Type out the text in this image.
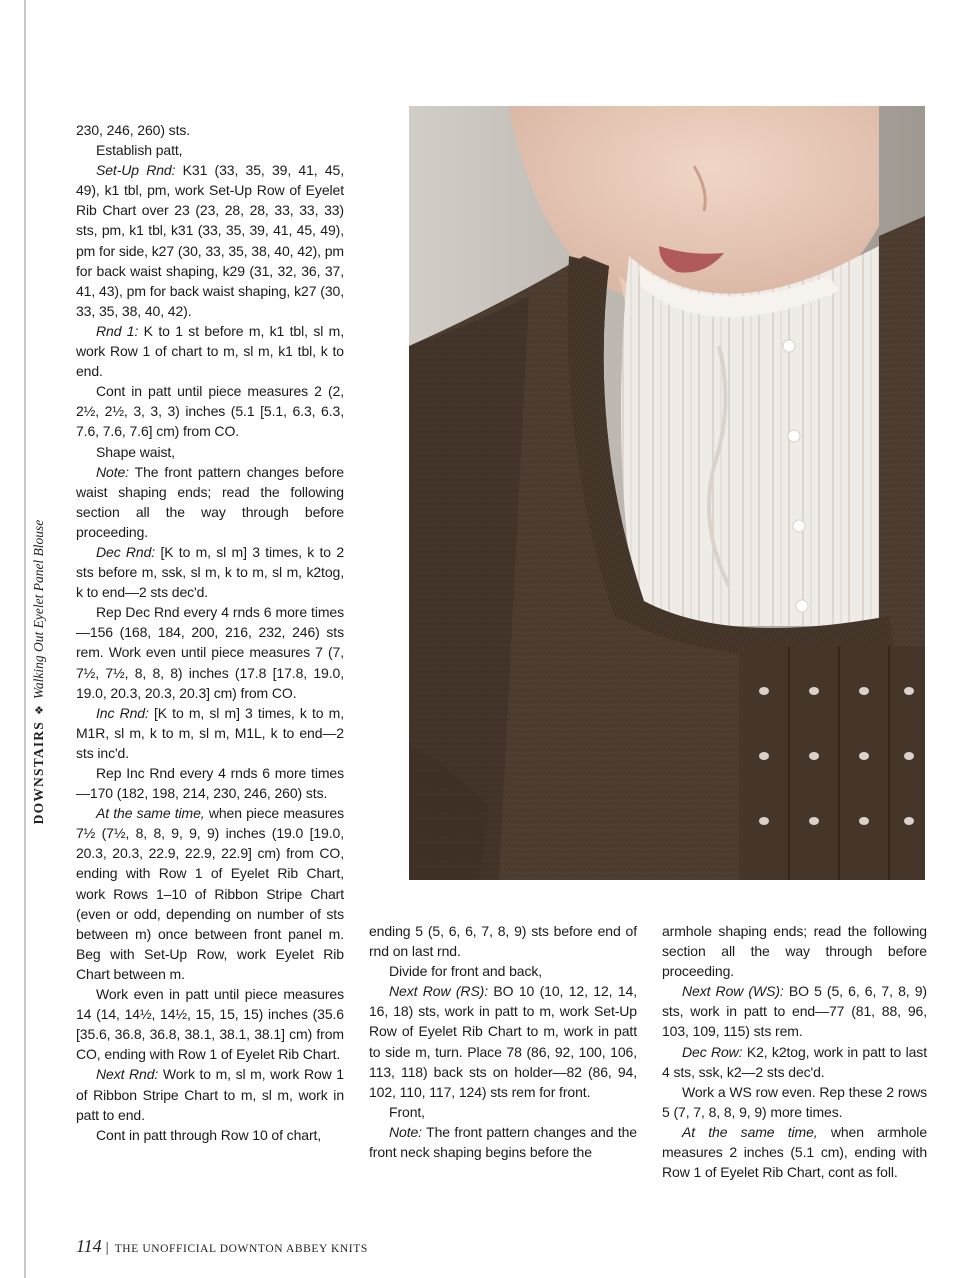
DOWNSTAIRS❖Walking Out Eyelet Panel Blouse

230, 246, 260) sts.

Establish patt,

Set-Up Rnd: K31 (33, 35, 39, 41, 45, 49), k1 tbl, pm, work Set-Up Row of Eyelet Rib Chart over 23 (23, 28, 28, 33, 33, 33) sts, pm, k1 tbl, k31 (33, 35, 39, 41, 45, 49), pm for side, k27 (30, 33, 35, 38, 40, 42), pm for back waist shaping, k29 (31, 32, 36, 37, 41, 43), pm for back waist shaping, k27 (30, 33, 35, 38, 40, 42).

Rnd 1: K to 1 st before m, k1 tbl, sl m, work Row 1 of chart to m, sl m, k1 tbl, k to end.

Cont in patt until piece measures 2 (2, 2½, 2½, 3, 3, 3) inches (5.1 [5.1, 6.3, 6.3, 7.6, 7.6, 7.6] cm) from CO.

Shape waist,

Note: The front pattern changes before waist shaping ends; read the following section all the way through before proceeding.

Dec Rnd: [K to m, sl m] 3 times, k to 2 sts before m, ssk, sl m, k to m, sl m, k2tog, k to end—2 sts dec'd.

Rep Dec Rnd every 4 rnds 6 more times—156 (168, 184, 200, 216, 232, 246) sts rem. Work even until piece measures 7 (7, 7½, 7½, 8, 8, 8) inches (17.8 [17.8, 19.0, 19.0, 20.3, 20.3, 20.3] cm) from CO.

Inc Rnd: [K to m, sl m] 3 times, k to m, M1R, sl m, k to m, sl m, M1L, k to end—2 sts inc'd.

Rep Inc Rnd every 4 rnds 6 more times—170 (182, 198, 214, 230, 246, 260) sts.

At the same time, when piece measures 7½ (7½, 8, 8, 9, 9, 9) inches (19.0 [19.0, 20.3, 20.3, 22.9, 22.9, 22.9] cm) from CO, ending with Row 1 of Eyelet Rib Chart, work Rows 1–10 of Ribbon Stripe Chart (even or odd, depending on number of sts between m) once between front panel m. Beg with Set-Up Row, work Eyelet Rib Chart between m.

Work even in patt until piece measures 14 (14, 14½, 14½, 15, 15, 15) inches (35.6 [35.6, 36.8, 36.8, 38.1, 38.1, 38.1] cm) from CO, ending with Row 1 of Eyelet Rib Chart.

Next Rnd: Work to m, sl m, work Row 1 of Ribbon Stripe Chart to m, sl m, work in patt to end.

Cont in patt through Row 10 of chart,

ending 5 (5, 6, 6, 7, 8, 9) sts before end of rnd on last rnd.

Divide for front and back,

Next Row (RS): BO 10 (10, 12, 12, 14, 16, 18) sts, work in patt to m, work Set-Up Row of Eyelet Rib Chart to m, work in patt to side m, turn. Place 78 (86, 92, 100, 106, 113, 118) back sts on holder—82 (86, 94, 102, 110, 117, 124) sts rem for front.

Front,

Note: The front pattern changes and the front neck shaping begins before the

armhole shaping ends; read the following section all the way through before proceeding.

Next Row (WS): BO 5 (5, 6, 6, 7, 8, 9) sts, work in patt to end—77 (81, 88, 96, 103, 109, 115) sts rem.

Dec Row: K2, k2tog, work in patt to last 4 sts, ssk, k2—2 sts dec'd.

Work a WS row even. Rep these 2 rows 5 (7, 7, 8, 8, 9, 9) more times.

At the same time, when armhole measures 2 inches (5.1 cm), ending with Row 1 of Eyelet Rib Chart, cont as foll.

114 | THE UNOFFICIAL DOWNTON ABBEY KNITS
